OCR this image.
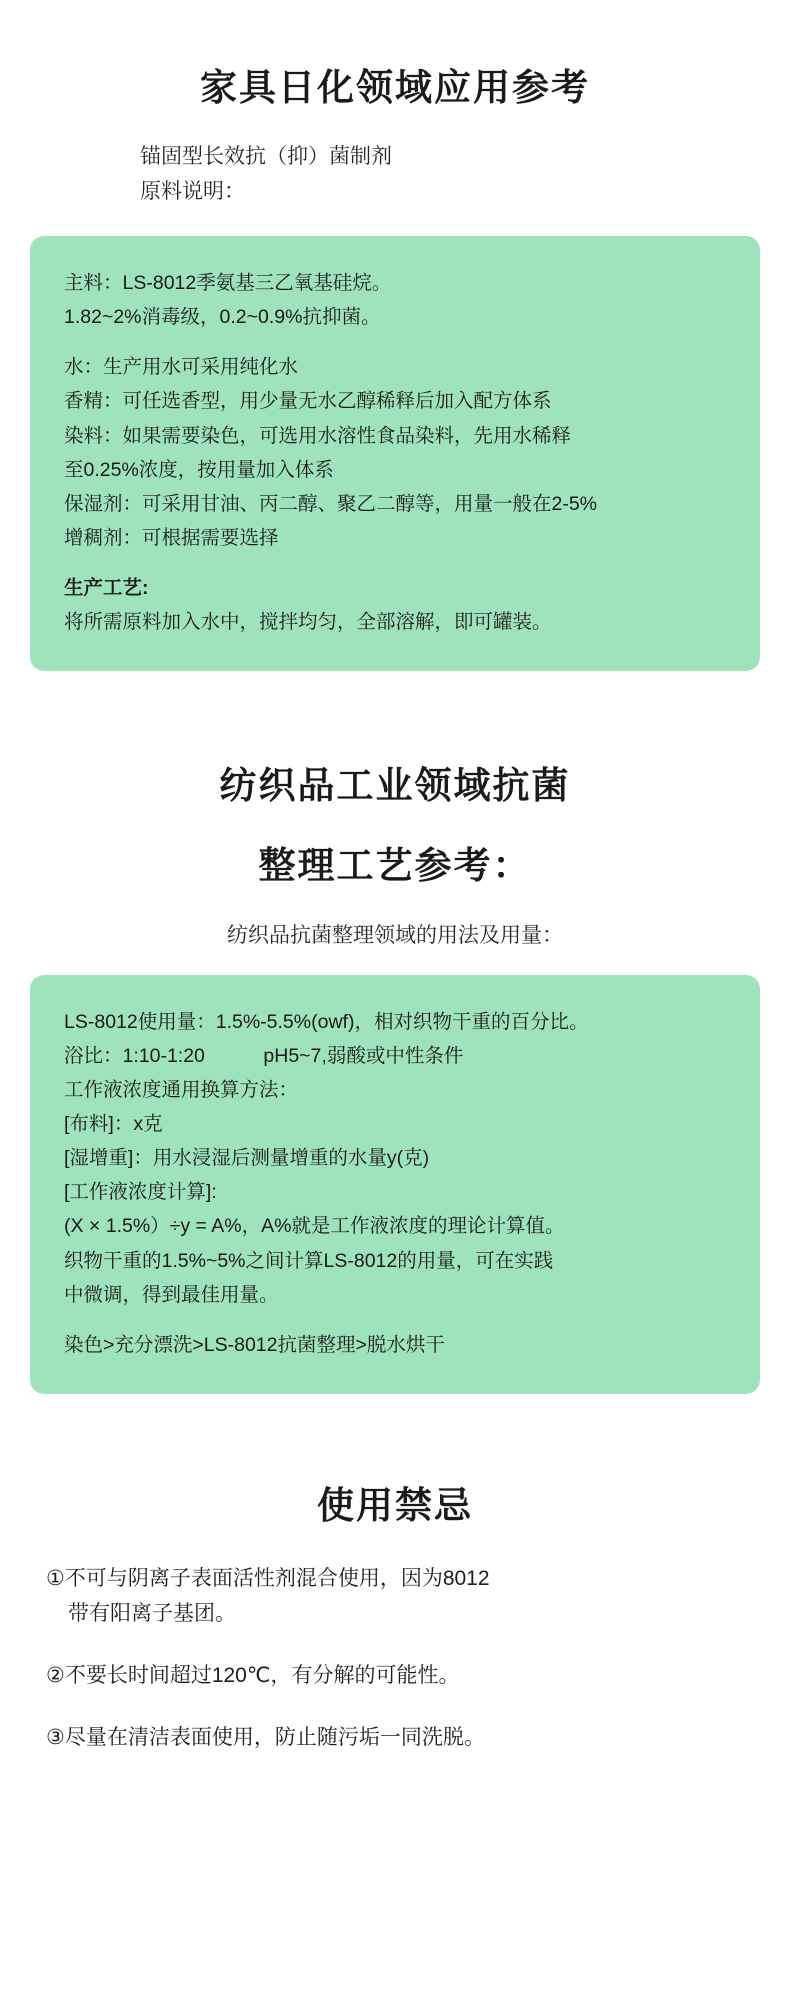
家具日化领域应用参考
锚固型长效抗（抑）菌制剂
原料说明：

主料：LS-8012季氨基三乙氧基硅烷。

1.82~2%消毒级，0.2~0.9%抗抑菌。

水：生产用水可采用纯化水

香精：可任选香型，用少量无水乙醇稀释后加入配方体系

染料：如果需要染色，可选用水溶性食品染料，先用水稀释

至0.25%浓度，按用量加入体系

保湿剂：可采用甘油、丙二醇、聚乙二醇等，用量一般在2-5%

增稠剂：可根据需要选择

生产工艺:

将所需原料加入水中，搅拌均匀，全部溶解，即可罐装。

纺织品工业领域抗菌
整理工艺参考：
纺织品抗菌整理领域的用法及用量：

LS-8012使用量：1.5%-5.5%(owf)，相对织物干重的百分比。

浴比：1:10-1:20　　　pH5~7,弱酸或中性条件

工作液浓度通用换算方法：

[布料]：x克

[湿增重]：用水浸湿后测量增重的水量y(克)

[工作液浓度计算]:

(X × 1.5%）÷y = A%，A%就是工作液浓度的理论计算值。

织物干重的1.5%~5%之间计算LS-8012的用量，可在实践

中微调，得到最佳用量。

染色>充分漂洗>LS-8012抗菌整理>脱水烘干

使用禁忌
①不可与阴离子表面活性剂混合使用，因为8012
带有阳离子基团。
②不要长时间超过120℃，有分解的可能性。
③尽量在清洁表面使用，防止随污垢一同洗脱。
